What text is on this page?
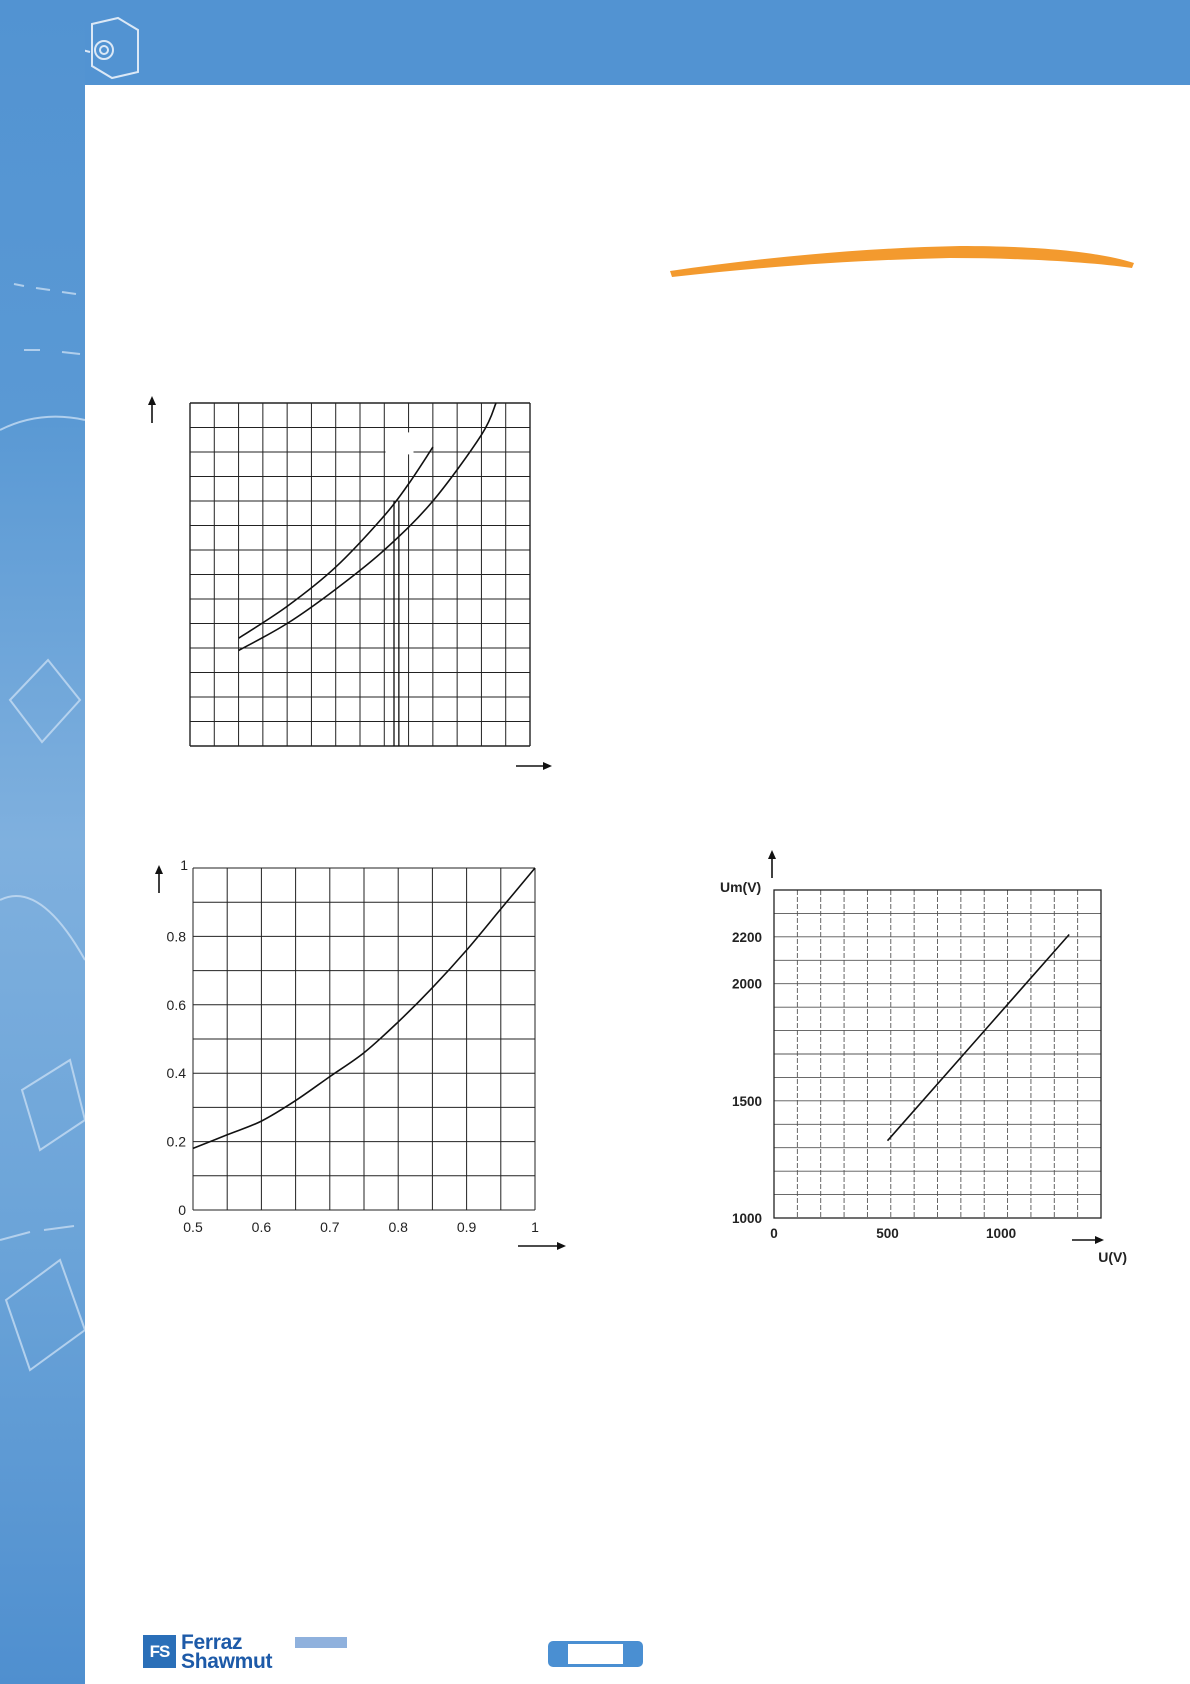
0.5	0.6	0.7	0.8	0.9	1
0
0.2
0.4
0.6
0.8
1
0	500	1000
1000
1500
2000
2200
Um(V)
U(V)
FS Ferraz
Shawmut
